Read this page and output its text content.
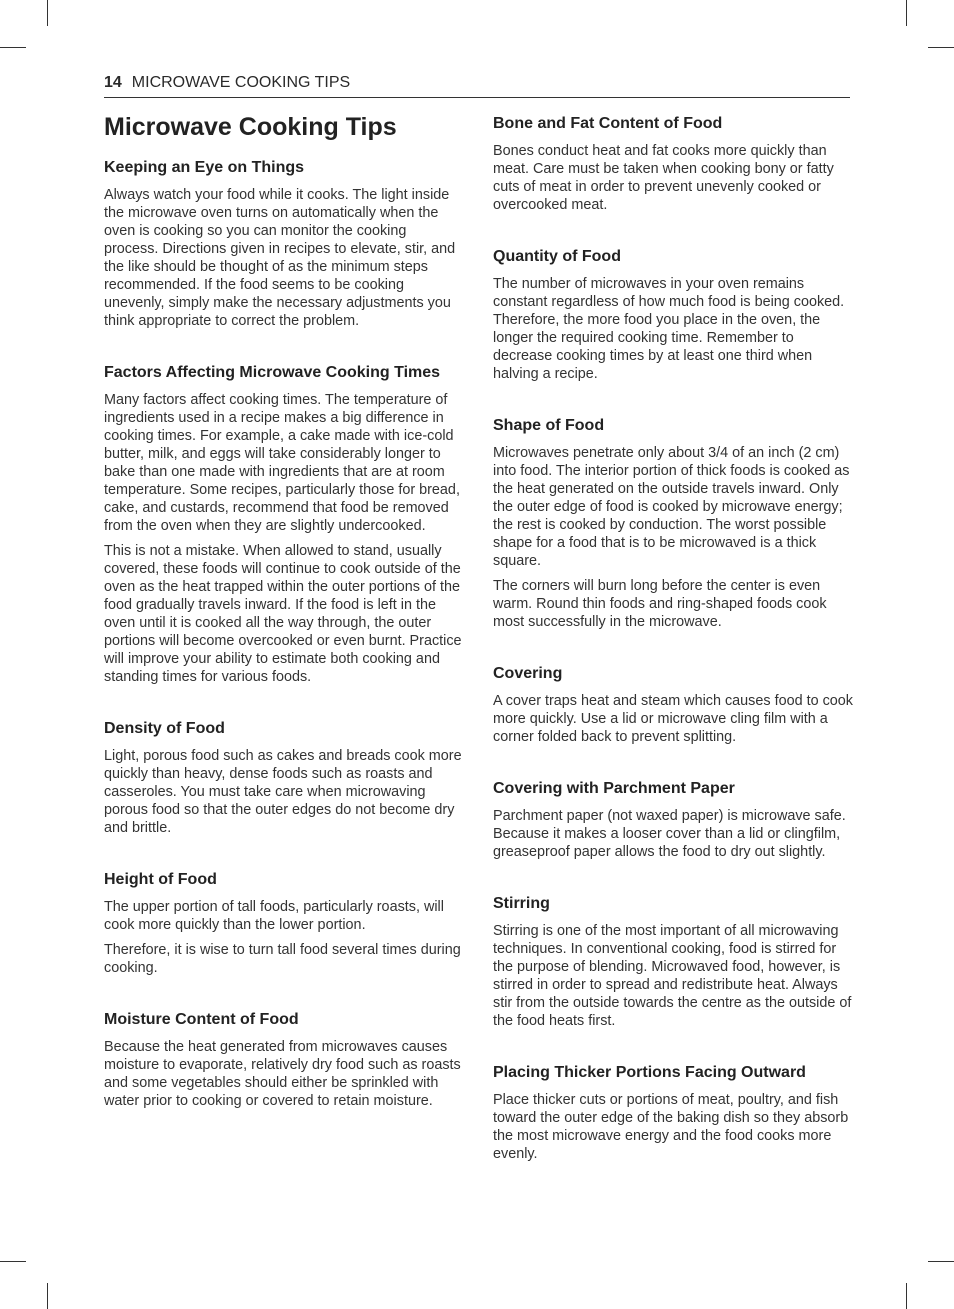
14 MICROWAVE COOKING TIPS
Microwave Cooking Tips
Keeping an Eye on Things

Always watch your food while it cooks. The light inside the microwave oven turns on automatically when the oven is cooking so you can monitor the cooking process. Directions given in recipes to elevate, stir, and the like should be thought of as the minimum steps recommended. If the food seems to be cooking unevenly, simply make the necessary adjustments you think appropriate to correct the problem.

Factors Affecting Microwave Cooking Times

Many factors affect cooking times. The temperature of ingredients used in a recipe makes a big difference in cooking times. For example, a cake made with ice-cold butter, milk, and eggs will take considerably longer to bake than one made with ingredients that are at room temperature. Some recipes, particularly those for bread, cake, and custards, recommend that food be removed from the oven when they are slightly undercooked.

This is not a mistake. When allowed to stand, usually covered, these foods will continue to cook outside of the oven as the heat trapped within the outer portions of the food gradually travels inward. If the food is left in the oven until it is cooked all the way through, the outer portions will become overcooked or even burnt. Practice will improve your ability to estimate both cooking and standing times for various foods.

Density of Food

Light, porous food such as cakes and breads cook more quickly than heavy, dense foods such as roasts and casseroles. You must take care when microwaving porous food so that the outer edges do not become dry and brittle.

Height of Food

The upper portion of tall foods, particularly roasts, will cook more quickly than the lower portion.

Therefore, it is wise to turn tall food several times during cooking.

Moisture Content of Food

Because the heat generated from microwaves causes moisture to evaporate, relatively dry food such as roasts and some vegetables should either be sprinkled with water prior to cooking or covered to retain moisture.

Bone and Fat Content of Food

Bones conduct heat and fat cooks more quickly than meat. Care must be taken when cooking bony or fatty cuts of meat in order to prevent unevenly cooked or overcooked meat.

Quantity of Food

The number of microwaves in your oven remains constant regardless of how much food is being cooked. Therefore, the more food you place in the oven, the longer the required cooking time. Remember to decrease cooking times by at least one third when halving a recipe.

Shape of Food

Microwaves penetrate only about 3/4 of an inch (2 cm) into food. The interior portion of thick foods is cooked as the heat generated on the outside travels inward. Only the outer edge of food is cooked by microwave energy; the rest is cooked by conduction. The worst possible shape for a food that is to be microwaved is a thick square.

The corners will burn long before the center is even warm. Round thin foods and ring-shaped foods cook most successfully in the microwave.

Covering

A cover traps heat and steam which causes food to cook more quickly. Use a lid or microwave cling film with a corner folded back to prevent splitting.

Covering with Parchment Paper

Parchment paper (not waxed paper) is microwave safe. Because it makes a looser cover than a lid or clingfilm, greaseproof paper allows the food to dry out slightly.

Stirring

Stirring is one of the most important of all microwaving techniques. In conventional cooking, food is stirred for the purpose of blending. Microwaved food, however, is stirred in order to spread and redistribute heat. Always stir from the outside towards the centre as the outside of the food heats first.

Placing Thicker Portions Facing Outward

Place thicker cuts or portions of meat, poultry, and fish toward the outer edge of the baking dish so they absorb the most microwave energy and the food cooks more evenly.
